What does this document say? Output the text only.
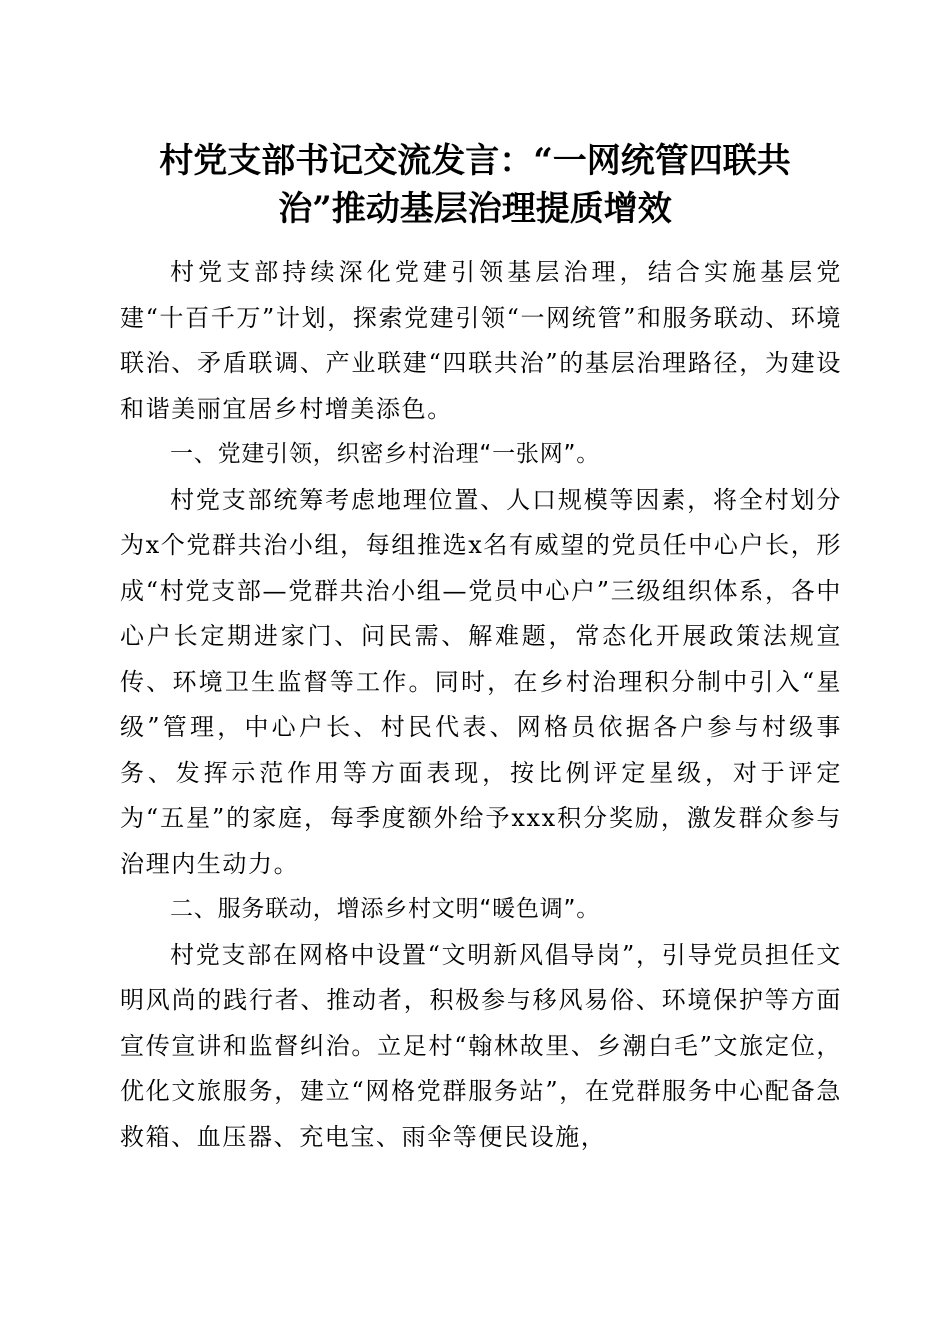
村党支部书记交流发言：“一网统管四联共
治”推动基层治理提质增效

村党支部持续深化党建引领基层治理，结合实施基层党建“十百千万”计划，探索党建引领“一网统管”和服务联动、环境联治、矛盾联调、产业联建“四联共治”的基层治理路径，为建设和谐美丽宜居乡村增美添色。

一、党建引领，织密乡村治理“一张网”。

村党支部统筹考虑地理位置、人口规模等因素，将全村划分为x个党群共治小组，每组推选x名有威望的党员任中心户长，形成“村党支部—党群共治小组—党员中心户”三级组织体系，各中心户长定期进家门、问民需、解难题，常态化开展政策法规宣传、环境卫生监督等工作。同时，在乡村治理积分制中引入“星级”管理，中心户长、村民代表、网格员依据各户参与村级事务、发挥示范作用等方面表现，按比例评定星级，对于评定为“五星”的家庭，每季度额外给予xxx积分奖励，激发群众参与治理内生动力。

二、服务联动，增添乡村文明“暖色调”。

村党支部在网格中设置“文明新风倡导岗”，引导党员担任文明风尚的践行者、推动者，积极参与移风易俗、环境保护等方面宣传宣讲和监督纠治。立足村“翰林故里、乡潮白毛”文旅定位，优化文旅服务，建立“网格党群服务站”，在党群服务中心配备急救箱、血压器、充电宝、雨伞等便民设施，
